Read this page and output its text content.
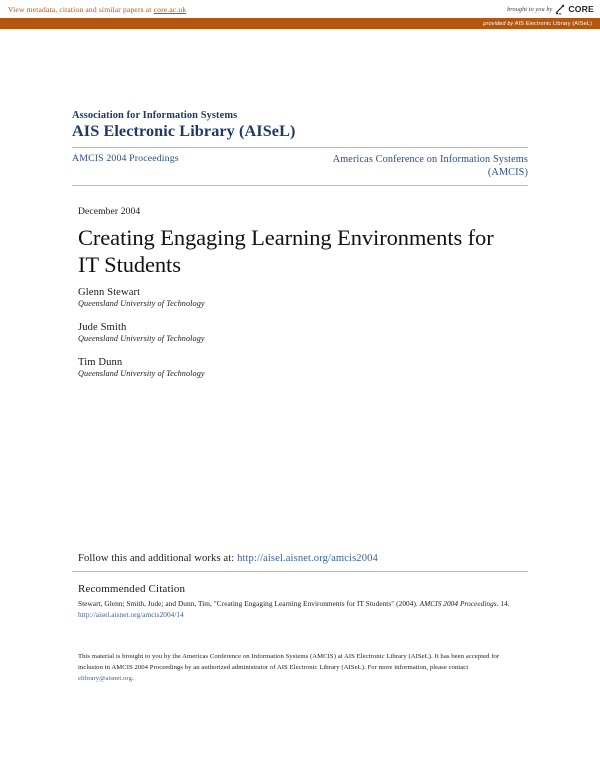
View metadata, citation and similar papers at core.ac.uk	brought to you by CORE
provided by AIS Electronic Library (AISeL)
Association for Information Systems
AIS Electronic Library (AISeL)
AMCIS 2004 Proceedings	Americas Conference on Information Systems
(AMCIS)
December 2004
Creating Engaging Learning Environments for IT Students
Glenn Stewart
Queensland University of Technology
Jude Smith
Queensland University of Technology
Tim Dunn
Queensland University of Technology
Follow this and additional works at: http://aisel.aisnet.org/amcis2004
Recommended Citation
Stewart, Glenn; Smith, Jude; and Dunn, Tim, "Creating Engaging Learning Environments for IT Students" (2004). AMCIS 2004 Proceedings. 14.
http://aisel.aisnet.org/amcis2004/14
This material is brought to you by the Americas Conference on Information Systems (AMCIS) at AIS Electronic Library (AISeL). It has been accepted for inclusion in AMCIS 2004 Proceedings by an authorized administrator of AIS Electronic Library (AISeL). For more information, please contact elibrary@aisnet.org.
